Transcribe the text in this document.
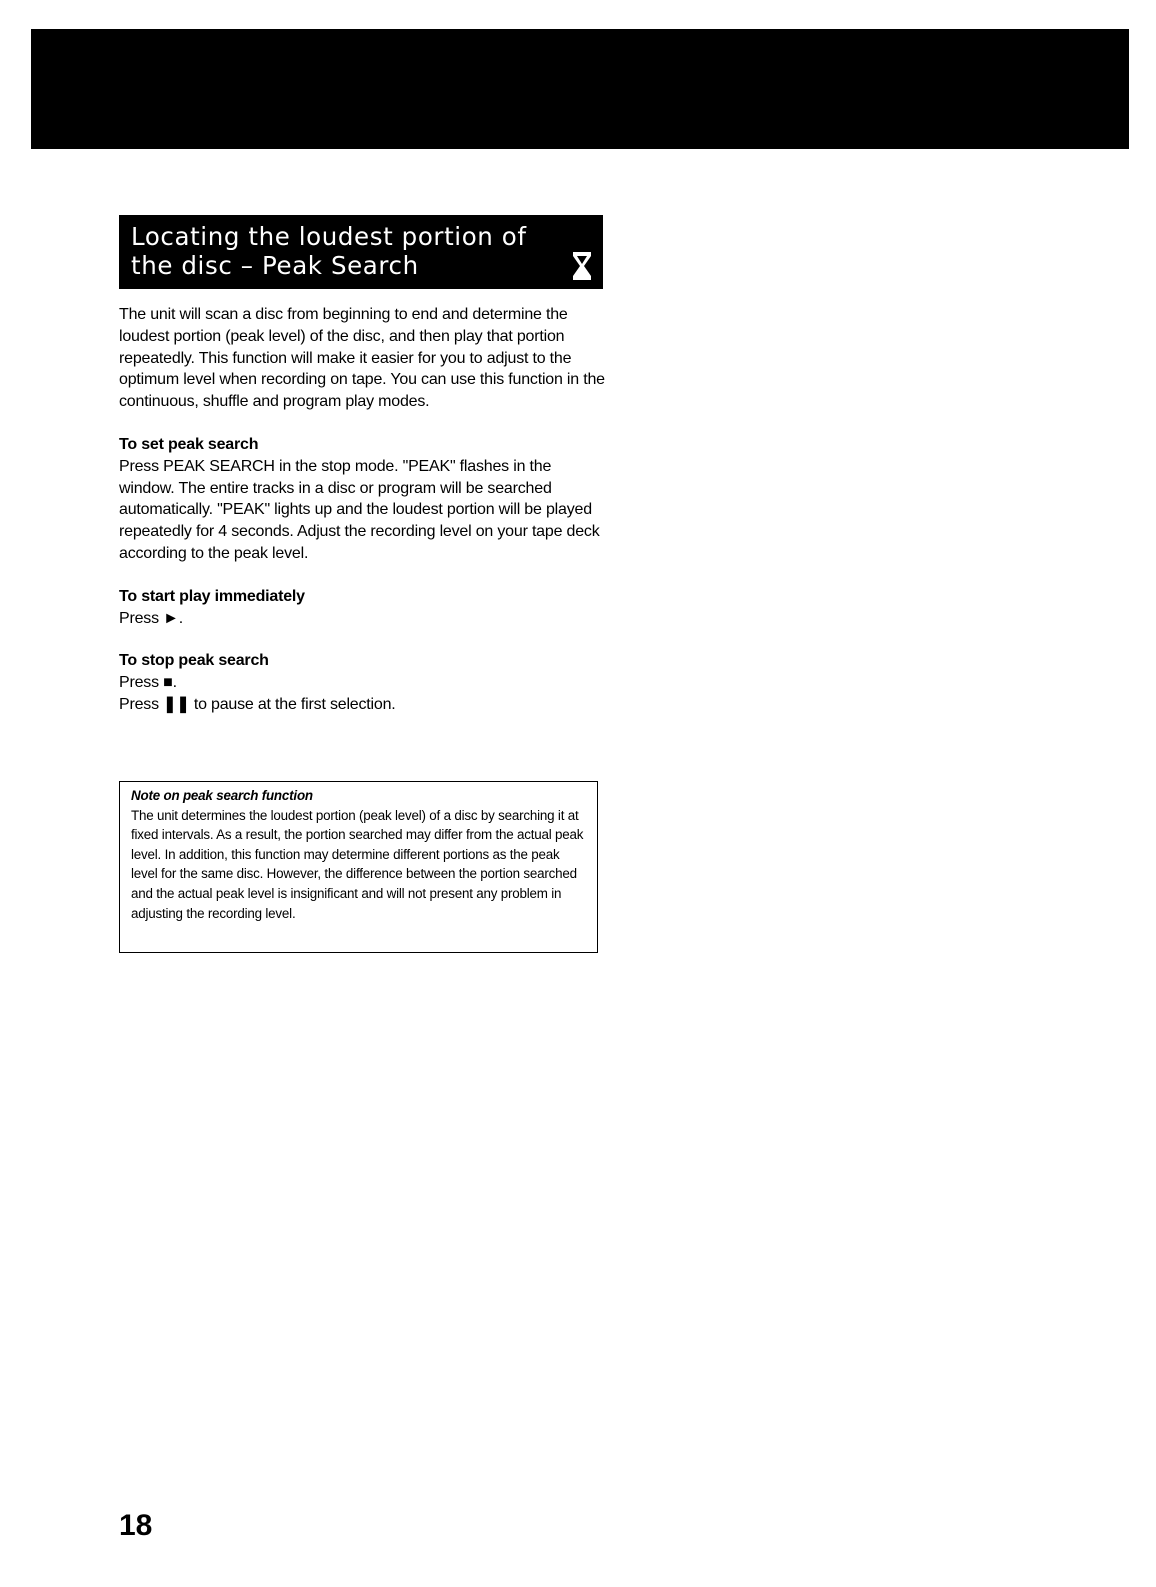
Locating the loudest portion of
the disc – Peak Search

The unit will scan a disc from beginning to end and determine the loudest portion (peak level) of the disc, and then play that portion repeatedly. This function will make it easier for you to adjust to the optimum level when recording on tape. You can use this function in the continuous, shuffle and program play modes.

To set peak search

Press PEAK SEARCH in the stop mode. "PEAK" flashes in the window. The entire tracks in a disc or program will be searched automatically. "PEAK" lights up and the loudest portion will be played repeatedly for 4 seconds. Adjust the recording level on your tape deck according to the peak level.

To start play immediately

Press ►.

To stop peak search

Press ■.

Press ❚❚ to pause at the first selection.

Note on peak search function

The unit determines the loudest portion (peak level) of a disc by searching it at fixed intervals. As a result, the portion searched may differ from the actual peak level. In addition, this function may determine different portions as the peak level for the same disc. However, the difference between the portion searched and the actual peak level is insignificant and will not present any problem in adjusting the recording level.

18
